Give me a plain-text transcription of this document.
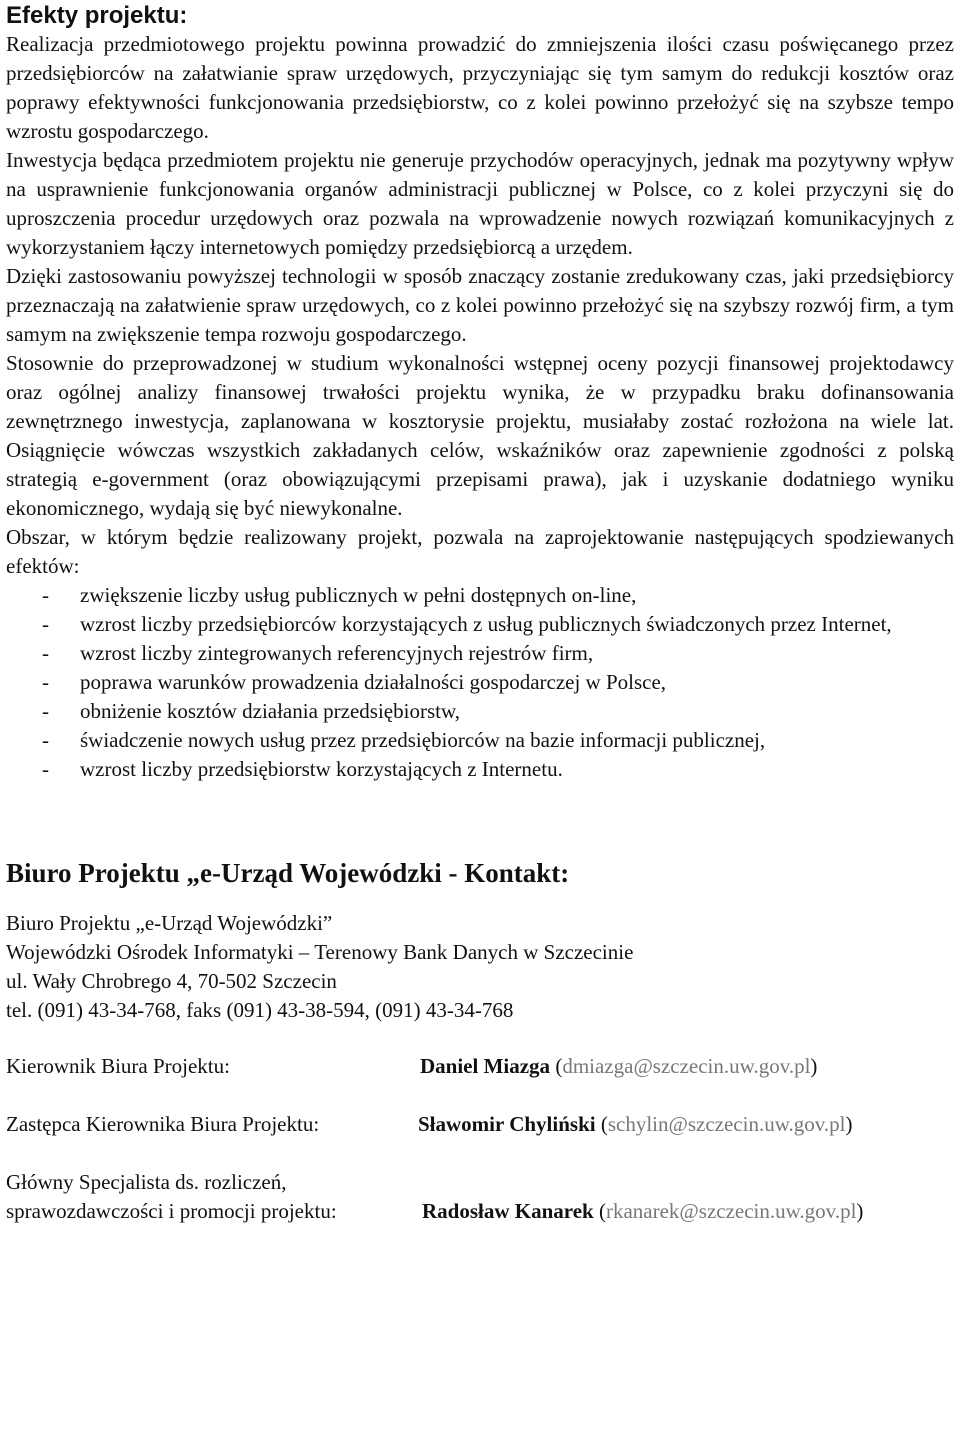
Efekty projektu:

Realizacja przedmiotowego projektu powinna prowadzić do zmniejszenia ilości czasu poświęcanego przez przedsiębiorców na załatwianie spraw urzędowych, przyczyniając się tym samym do redukcji kosztów oraz poprawy efektywności funkcjonowania przedsiębiorstw, co z kolei powinno przełożyć się na szybsze tempo wzrostu gospodarczego.

Inwestycja będąca przedmiotem projektu nie generuje przychodów operacyjnych, jednak ma pozytywny wpływ na usprawnienie funkcjonowania organów administracji publicznej w Polsce, co z kolei przyczyni się do uproszczenia procedur urzędowych oraz pozwala na wprowadzenie nowych rozwiązań komunikacyjnych z wykorzystaniem łączy internetowych pomiędzy przedsiębiorcą a urzędem.

Dzięki zastosowaniu powyższej technologii w sposób znaczący zostanie zredukowany czas, jaki przedsiębiorcy przeznaczają na załatwienie spraw urzędowych, co z kolei powinno przełożyć się na szybszy rozwój firm, a tym samym na zwiększenie tempa rozwoju gospodarczego.

Stosownie do przeprowadzonej w studium wykonalności wstępnej oceny pozycji finansowej projektodawcy oraz ogólnej analizy finansowej trwałości projektu wynika, że w przypadku braku dofinansowania zewnętrznego inwestycja, zaplanowana w kosztorysie projektu, musiałaby zostać rozłożona na wiele lat. Osiągnięcie wówczas wszystkich zakładanych celów, wskaźników oraz zapewnienie zgodności z polską strategią e-government (oraz obowiązującymi przepisami prawa), jak i uzyskanie dodatniego wyniku ekonomicznego, wydają się być niewykonalne.

Obszar, w którym będzie realizowany projekt, pozwala na zaprojektowanie następujących spodziewanych efektów:

- zwiększenie liczby usług publicznych w pełni dostępnych on-line,
- wzrost liczby przedsiębiorców korzystających z usług publicznych świadczonych przez Internet,
- wzrost liczby zintegrowanych referencyjnych rejestrów firm,
- poprawa warunków prowadzenia działalności gospodarczej w Polsce,
- obniżenie kosztów działania przedsiębiorstw,
- świadczenie nowych usług przez przedsiębiorców na bazie informacji publicznej,
- wzrost liczby przedsiębiorstw korzystających z Internetu.
Biuro Projektu „e-Urząd Wojewódzki - Kontakt:
Biuro Projektu „e-Urząd Wojewódzki”
Wojewódzki Ośrodek Informatyki – Terenowy Bank Danych w Szczecinie
ul. Wały Chrobrego 4, 70-502 Szczecin
tel. (091) 43-34-768, faks (091) 43-38-594, (091) 43-34-768
Kierownik Biura Projektu:	Daniel Miazga (dmiazga@szczecin.uw.gov.pl)
Zastępca Kierownika Biura Projektu:	Sławomir Chyliński (schylin@szczecin.uw.gov.pl)
Główny Specjalista ds. rozliczeń,
sprawozdawczości i promocji projektu:	Radosław Kanarek (rkanarek@szczecin.uw.gov.pl)
